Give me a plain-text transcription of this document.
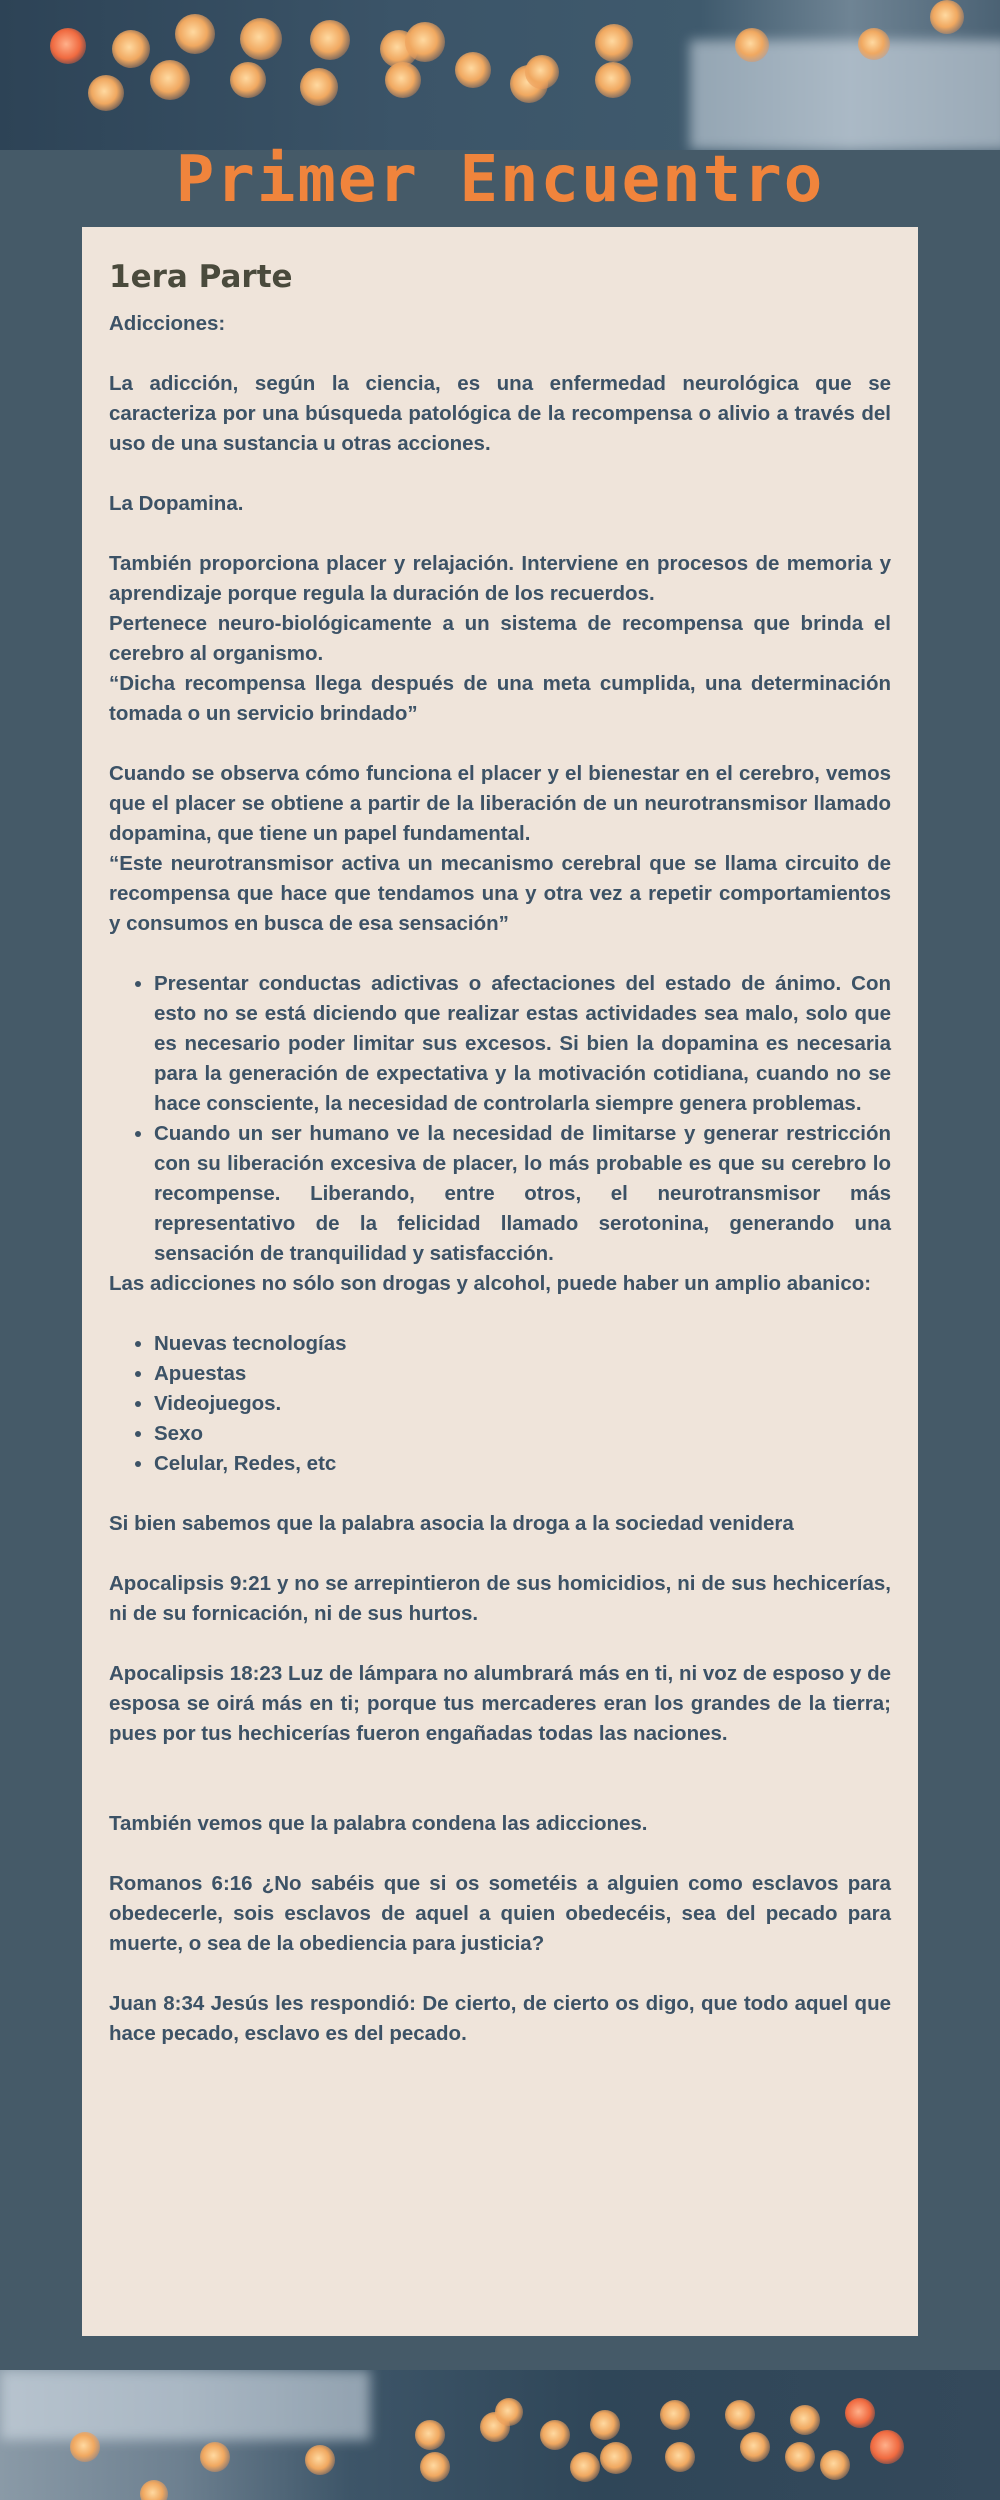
Primer Encuentro
1era Parte

Adicciones:

La adicción, según la ciencia, es una enfermedad neurológica que se caracteriza por una búsqueda patológica de la recompensa o alivio a través del uso de una sustancia u otras acciones.

La Dopamina.

También proporciona placer y relajación. Interviene en procesos de memoria y aprendizaje porque regula la duración de los recuerdos.

Pertenece neuro-biológicamente a un sistema de recompensa que brinda el cerebro al organismo.

“Dicha recompensa llega después de una meta cumplida, una determinación tomada o un servicio brindado”

Cuando se observa cómo funciona el placer y el bienestar en el cerebro, vemos que el placer se obtiene a partir de la liberación de un neurotransmisor llamado dopamina, que tiene un papel fundamental.

“Este neurotransmisor activa un mecanismo cerebral que se llama circuito de recompensa que hace que tendamos una y otra vez a repetir comportamientos y consumos en busca de esa sensación”

• Presentar conductas adictivas o afectaciones del estado de ánimo. Con esto no se está diciendo que realizar estas actividades sea malo, solo que es necesario poder limitar sus excesos. Si bien la dopamina es necesaria para la generación de expectativa y la motivación cotidiana, cuando no se hace consciente, la necesidad de controlarla siempre genera problemas.
• Cuando un ser humano ve la necesidad de limitarse y generar restricción con su liberación excesiva de placer, lo más probable es que su cerebro lo recompense. Liberando, entre otros, el neurotransmisor más representativo de la felicidad llamado serotonina, generando una sensación de tranquilidad y satisfacción.

Las adicciones no sólo son drogas y alcohol, puede haber un amplio abanico:

• Nuevas tecnologías
• Apuestas
• Videojuegos.
• Sexo
• Celular, Redes, etc

Si bien sabemos que la palabra asocia la droga a la sociedad venidera

Apocalipsis 9:21 y no se arrepintieron de sus homicidios, ni de sus hechicerías, ni de su fornicación, ni de sus hurtos.

Apocalipsis 18:23 Luz de lámpara no alumbrará más en ti, ni voz de esposo y de esposa se oirá más en ti; porque tus mercaderes eran los grandes de la tierra; pues por tus hechicerías fueron engañadas todas las naciones.

También vemos que la palabra condena las adicciones.

Romanos 6:16 ¿No sabéis que si os sometéis a alguien como esclavos para obedecerle, sois esclavos de aquel a quien obedecéis, sea del pecado para muerte, o sea de la obediencia para justicia?

Juan 8:34 Jesús les respondió: De cierto, de cierto os digo, que todo aquel que hace pecado, esclavo es del pecado.
